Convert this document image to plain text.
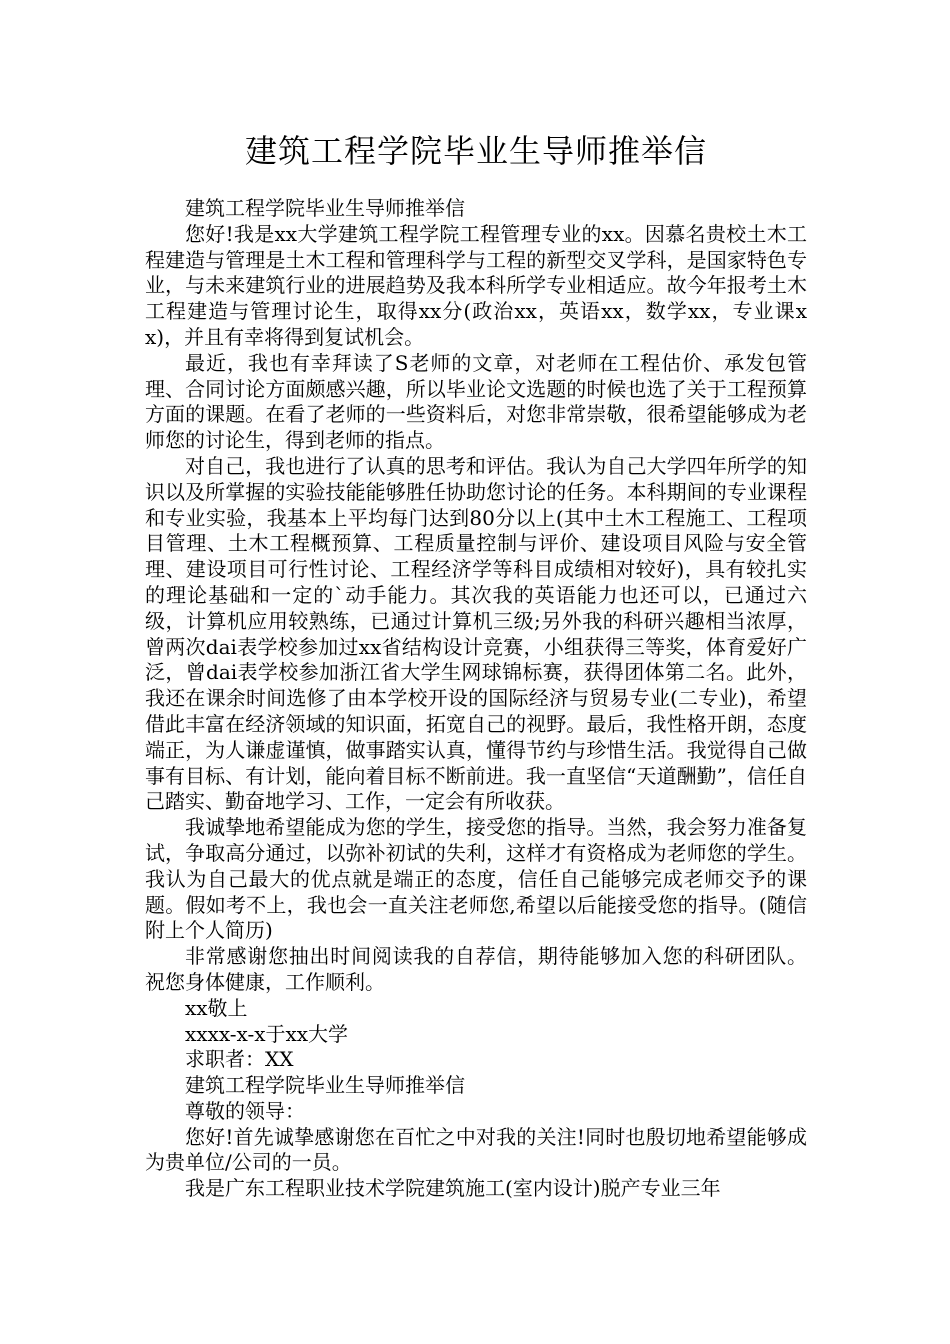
建筑工程学院毕业生导师推举信

建筑工程学院毕业生导师推举信

您好!我是xx大学建筑工程学院工程管理专业的xx。因慕名贵校土木工程建造与管理是土木工程和管理科学与工程的新型交叉学科，是国家特色专业，与未来建筑行业的进展趋势及我本科所学专业相适应。故今年报考土木工程建造与管理讨论生，取得xx分(政治xx，英语xx，数学xx，专业课xx)，并且有幸将得到复试机会。

最近，我也有幸拜读了S老师的文章，对老师在工程估价、承发包管理、合同讨论方面颇感兴趣，所以毕业论文选题的时候也选了关于工程预算方面的课题。在看了老师的一些资料后，对您非常崇敬，很希望能够成为老师您的讨论生，得到老师的指点。

对自己，我也进行了认真的思考和评估。我认为自己大学四年所学的知识以及所掌握的实验技能能够胜任协助您讨论的任务。本科期间的专业课程和专业实验，我基本上平均每门达到80分以上(其中土木工程施工、工程项目管理、土木工程概预算、工程质量控制与评价、建设项目风险与安全管理、建设项目可行性讨论、工程经济学等科目成绩相对较好)，具有较扎实的理论基础和一定的`动手能力。其次我的英语能力也还可以，已通过六级，计算机应用较熟练，已通过计算机三级;另外我的科研兴趣相当浓厚，曾两次dai表学校参加过xx省结构设计竞赛，小组获得三等奖，体育爱好广泛，曾dai表学校参加浙江省大学生网球锦标赛，获得团体第二名。此外，我还在课余时间选修了由本学校开设的国际经济与贸易专业(二专业)，希望借此丰富在经济领域的知识面，拓宽自己的视野。最后，我性格开朗，态度端正，为人谦虚谨慎，做事踏实认真，懂得节约与珍惜生活。我觉得自己做事有目标、有计划，能向着目标不断前进。我一直坚信“天道酬勤”，信任自己踏实、勤奋地学习、工作，一定会有所收获。

我诚挚地希望能成为您的学生，接受您的指导。当然，我会努力准备复试，争取高分通过，以弥补初试的失利，这样才有资格成为老师您的学生。我认为自己最大的优点就是端正的态度，信任自己能够完成老师交予的课题。假如考不上，我也会一直关注老师您,希望以后能接受您的指导。(随信附上个人简历)

非常感谢您抽出时间阅读我的自荐信，期待能够加入您的科研团队。 祝您身体健康，工作顺利。

xx敬上

xxxx-x-x于xx大学

求职者：XX

建筑工程学院毕业生导师推举信

尊敬的领导：

您好!首先诚挚感谢您在百忙之中对我的关注!同时也殷切地希望能够成为贵单位/公司的一员。

我是广东工程职业技术学院建筑施工(室内设计)脱产专业三年
